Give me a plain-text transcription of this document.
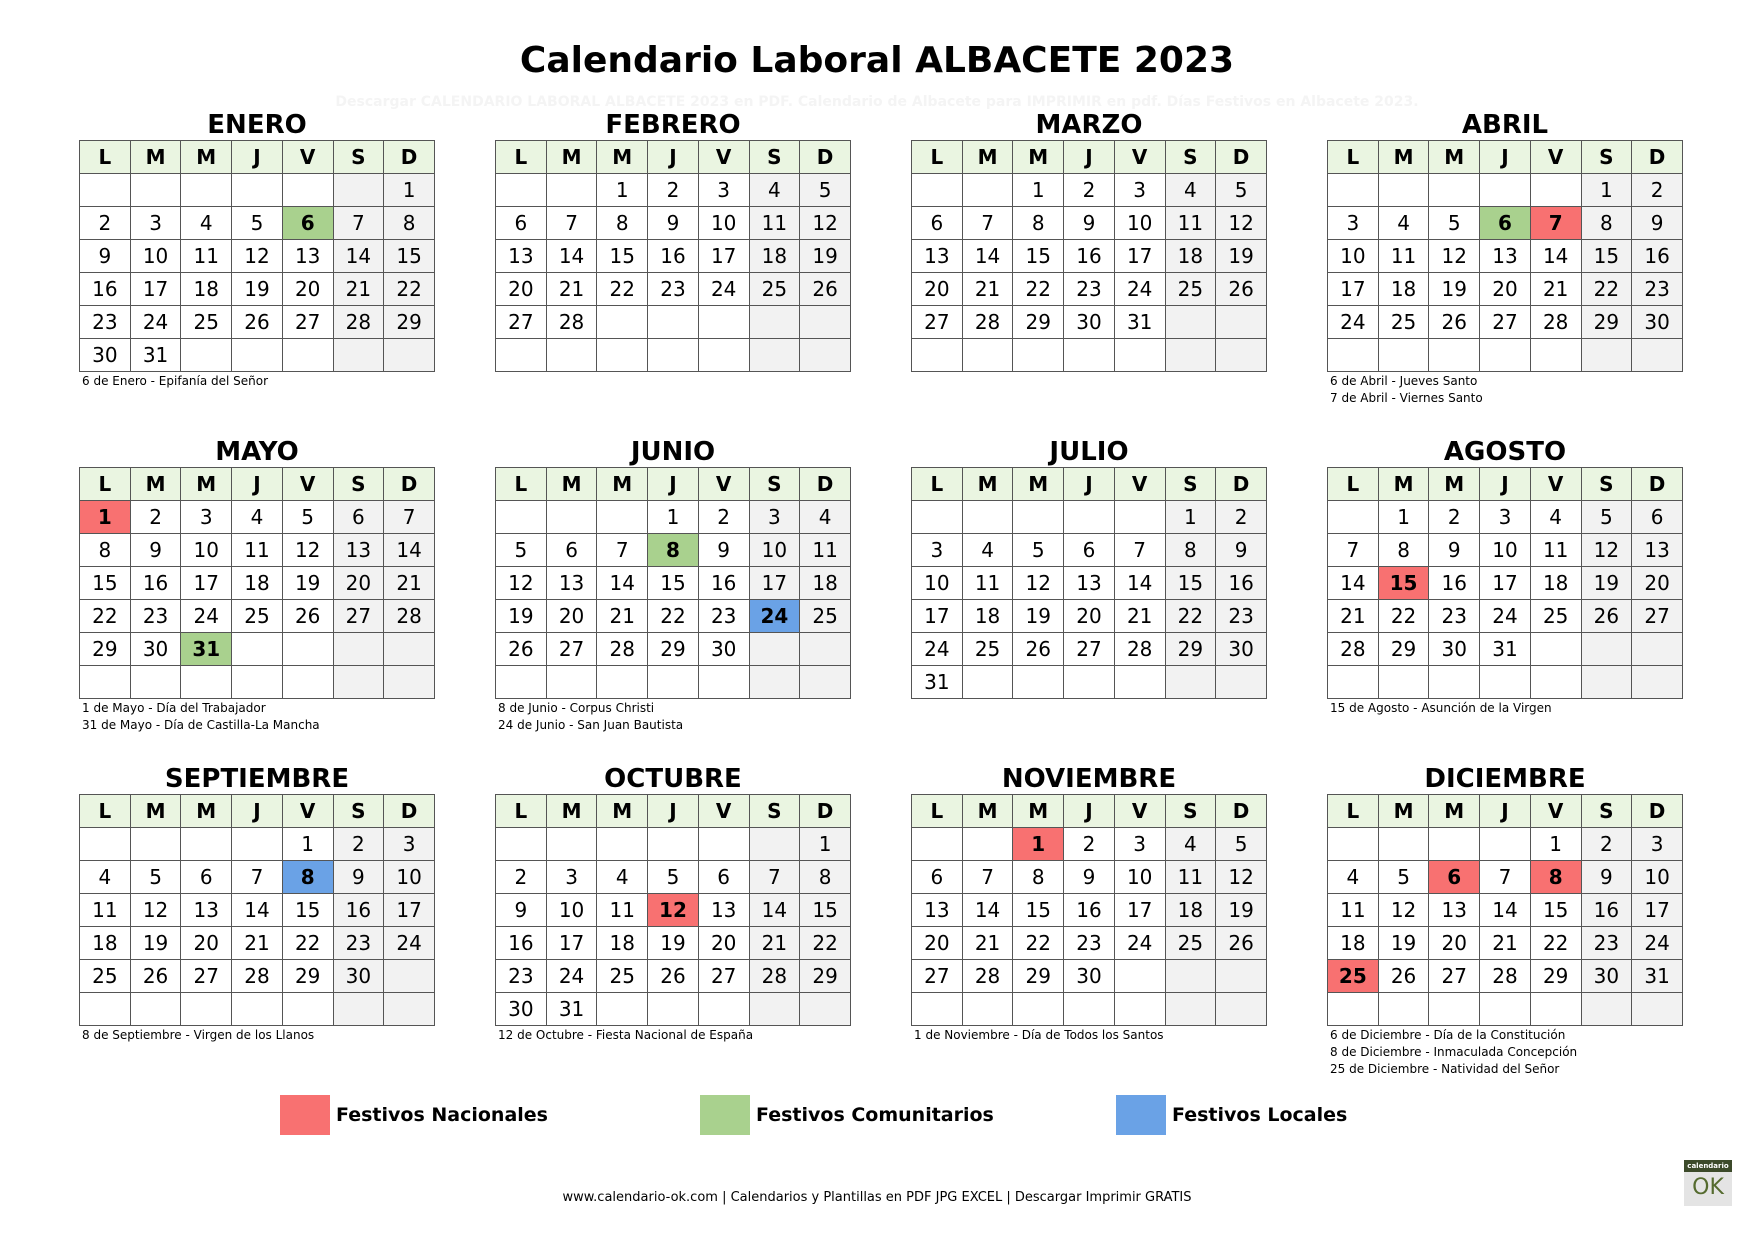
Calendario Laboral ALBACETE 2023
Descargar CALENDARIO LABORAL ALBACETE 2023 en PDF. Calendario de Albacete para IMPRIMIR en pdf. Días Festivos en Albacete 2023.
ENERO
L	M	M	J	V	S	D
						1
2	3	4	5	6	7	8
9	10	11	12	13	14	15
16	17	18	19	20	21	22
23	24	25	26	27	28	29
30	31					
6 de Enero - Epifanía del Señor
FEBRERO
L	M	M	J	V	S	D
		1	2	3	4	5
6	7	8	9	10	11	12
13	14	15	16	17	18	19
20	21	22	23	24	25	26
27	28					

MARZO
L	M	M	J	V	S	D
		1	2	3	4	5
6	7	8	9	10	11	12
13	14	15	16	17	18	19
20	21	22	23	24	25	26
27	28	29	30	31		

ABRIL
L	M	M	J	V	S	D
					1	2
3	4	5	6	7	8	9
10	11	12	13	14	15	16
17	18	19	20	21	22	23
24	25	26	27	28	29	30

6 de Abril - Jueves Santo
7 de Abril - Viernes Santo
MAYO
L	M	M	J	V	S	D
1	2	3	4	5	6	7
8	9	10	11	12	13	14
15	16	17	18	19	20	21
22	23	24	25	26	27	28
29	30	31				

1 de Mayo - Día del Trabajador
31 de Mayo - Día de Castilla-La Mancha
JUNIO
L	M	M	J	V	S	D
			1	2	3	4
5	6	7	8	9	10	11
12	13	14	15	16	17	18
19	20	21	22	23	24	25
26	27	28	29	30		

8 de Junio - Corpus Christi
24 de Junio - San Juan Bautista
JULIO
L	M	M	J	V	S	D
					1	2
3	4	5	6	7	8	9
10	11	12	13	14	15	16
17	18	19	20	21	22	23
24	25	26	27	28	29	30
31						
AGOSTO
L	M	M	J	V	S	D
	1	2	3	4	5	6
7	8	9	10	11	12	13
14	15	16	17	18	19	20
21	22	23	24	25	26	27
28	29	30	31			

15 de Agosto - Asunción de la Virgen
SEPTIEMBRE
L	M	M	J	V	S	D
				1	2	3
4	5	6	7	8	9	10
11	12	13	14	15	16	17
18	19	20	21	22	23	24
25	26	27	28	29	30	

8 de Septiembre - Virgen de los Llanos
OCTUBRE
L	M	M	J	V	S	D
						1
2	3	4	5	6	7	8
9	10	11	12	13	14	15
16	17	18	19	20	21	22
23	24	25	26	27	28	29
30	31					
12 de Octubre - Fiesta Nacional de España
NOVIEMBRE
L	M	M	J	V	S	D
		1	2	3	4	5
6	7	8	9	10	11	12
13	14	15	16	17	18	19
20	21	22	23	24	25	26
27	28	29	30			

1 de Noviembre - Día de Todos los Santos
DICIEMBRE
L	M	M	J	V	S	D
				1	2	3
4	5	6	7	8	9	10
11	12	13	14	15	16	17
18	19	20	21	22	23	24
25	26	27	28	29	30	31

6 de Diciembre - Día de la Constitución
8 de Diciembre - Inmaculada Concepción
25 de Diciembre - Natividad del Señor
Festivos Nacionales	Festivos Comunitarios	Festivos Locales
www.calendario-ok.com | Calendarios y Plantillas en PDF JPG EXCEL | Descargar Imprimir GRATIS
calendario
OK
